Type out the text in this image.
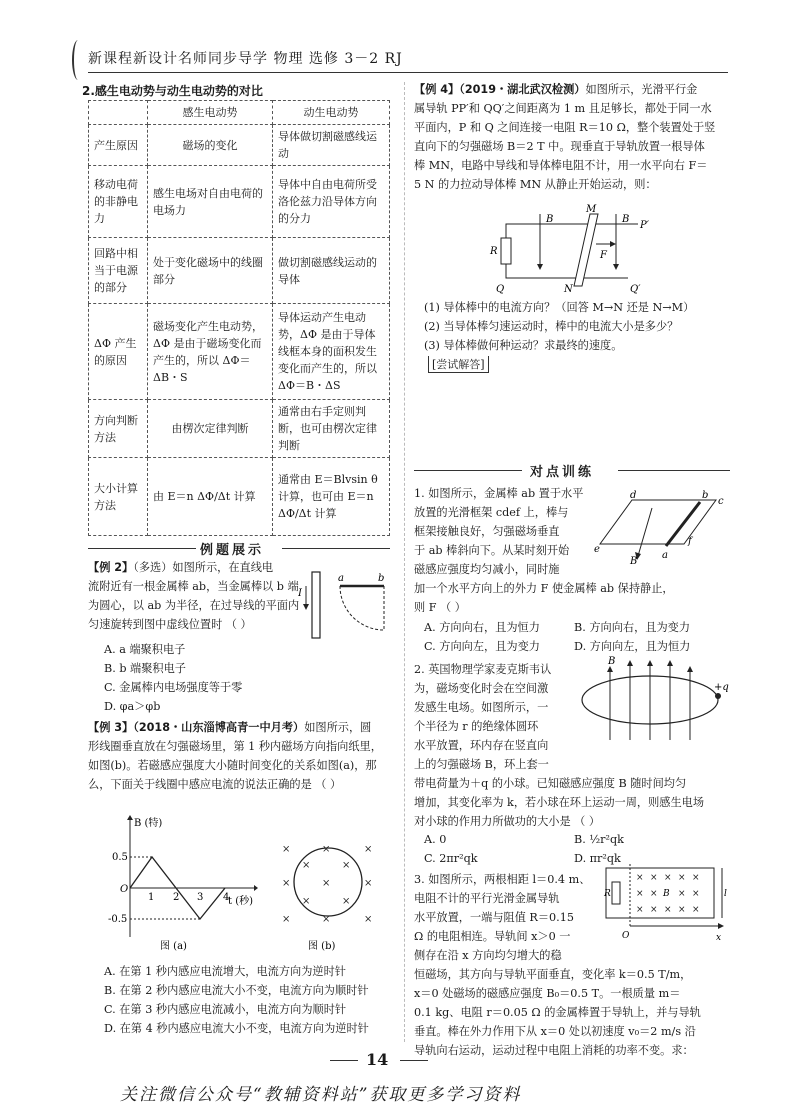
新课程新设计名师同步导学 物理 选修 3－2 RJ
2.感生电动势与动生电动势的对比
	感生电动势	动生电动势
产生原因	磁场的变化	导体做切割磁感线运动
移动电荷的非静电力	感生电场对自由电荷的电场力	导体中自由电荷所受洛伦兹力沿导体方向的分力
回路中相当于电源的部分	处于变化磁场中的线圈部分	做切割磁感线运动的导体
ΔΦ 产生的原因	磁场变化产生电动势，ΔΦ 是由于磁场变化而产生的，所以 ΔΦ＝ΔB・S	导体运动产生电动势，ΔΦ 是由于导体线框本身的面积发生变化而产生的，所以 ΔΦ＝B・ΔS
方向判断方法	由楞次定律判断	通常由右手定则判断，也可由楞次定律判断
大小计算方法	由 E＝n ΔΦ/Δt 计算	通常由 E＝Blvsin θ 计算，也可由 E＝n ΔΦ/Δt 计算
例题展示
【例 2】（多选）如图所示，在直线电
流附近有一根金属棒 ab，当金属棒以 b 端
为圆心，以 ab 为半径，在过导线的平面内
匀速旋转到图中虚线位置时 （ ）
A. a 端聚积电子
B. b 端聚积电子
C. 金属棒内电场强度等于零
D. φa＞φb
I
a	b
【例 3】（2018・山东淄博高青一中月考）如图所示，圆
形线圈垂直放在匀强磁场里，第 1 秒内磁场方向指向纸里，
如图(b)。若磁感应强度大小随时间变化的关系如图(a)，那
么，下面关于线圈中感应电流的说法正确的是 （ ）
B (特)
t (秒)
0.5
O
-0.5
1 2 3 4
图 (a)
×	×	×
×	×
×	×	×
×	×
×	×	×
图 (b)
A. 在第 1 秒内感应电流增大，电流方向为逆时针
B. 在第 2 秒内感应电流大小不变，电流方向为顺时针
C. 在第 3 秒内感应电流减小，电流方向为顺时针
D. 在第 4 秒内感应电流大小不变，电流方向为逆时针
【例 4】（2019・湖北武汉检测）如图所示，光滑平行金
属导轨 PP′和 QQ′之间距离为 1 m 且足够长，都处于同一水
平面内，P 和 Q 之间连接一电阻 R＝10 Ω，整个装置处于竖
直向下的匀强磁场 B＝2 T 中。现垂直于导轨放置一根导体
棒 MN，电路中导线和导体棒电阻不计，用一水平向右 F＝
5 N 的力拉动导体棒 MN 从静止开始运动，则：
R
B	B
F
M
N
P′
Q	Q′
(1) 导体棒中的电流方向？（回答 M→N 还是 N→M）
(2) 当导体棒匀速运动时，棒中的电流大小是多少？
(3) 导体棒做何种运动？求最终的速度。
[尝试解答]
对点训练
1. 如图所示，金属棒 ab 置于水平
放置的光滑框架 cdef 上，棒与
框架接触良好，匀强磁场垂直
于 ab 棒斜向下。从某时刻开始
磁感应强度均匀减小，同时施
加一个水平方向上的外力 F 使金属棒 ab 保持静止，
则 F （ ）
d	b
c
e
f
a
B
A. 方向向右，且为恒力	B. 方向向右，且为变力
C. 方向向左，且为变力	D. 方向向左，且为恒力
2. 英国物理学家麦克斯韦认
为，磁场变化时会在空间激
发感生电场。如图所示，一
个半径为 r 的绝缘体圆环
水平放置，环内存在竖直向
上的匀强磁场 B，环上套一
带电荷量为＋q 的小球。已知磁感应强度 B 随时间均匀
增加，其变化率为 k，若小球在环上运动一周，则感生电场
对小球的作用力所做功的大小是 （ ）
B
+q
A. 0	B. ½r²qk
C. 2πr²qk	D. πr²qk
3. 如图所示，两根相距 l＝0.4 m、
电阻不计的平行光滑金属导轨
水平放置，一端与阻值 R＝0.15
Ω 的电阻相连。导轨间 x＞0 一
侧存在沿 x 方向均匀增大的稳
恒磁场，其方向与导轨平面垂直，变化率 k＝0.5 T/m，
x＝0 处磁场的磁感应强度 B₀＝0.5 T。一根质量 m＝
0.1 kg、电阻 r＝0.05 Ω 的金属棒置于导轨上，并与导轨
垂直。棒在外力作用下从 x＝0 处以初速度 v₀＝2 m/s 沿
导轨向右运动，运动过程中电阻上消耗的功率不变。求：
R
O	x
× × × × ×
× × × ×
× × × × ×
B	l
14
关注微信公众号“教辅资料站”获取更多学习资料
